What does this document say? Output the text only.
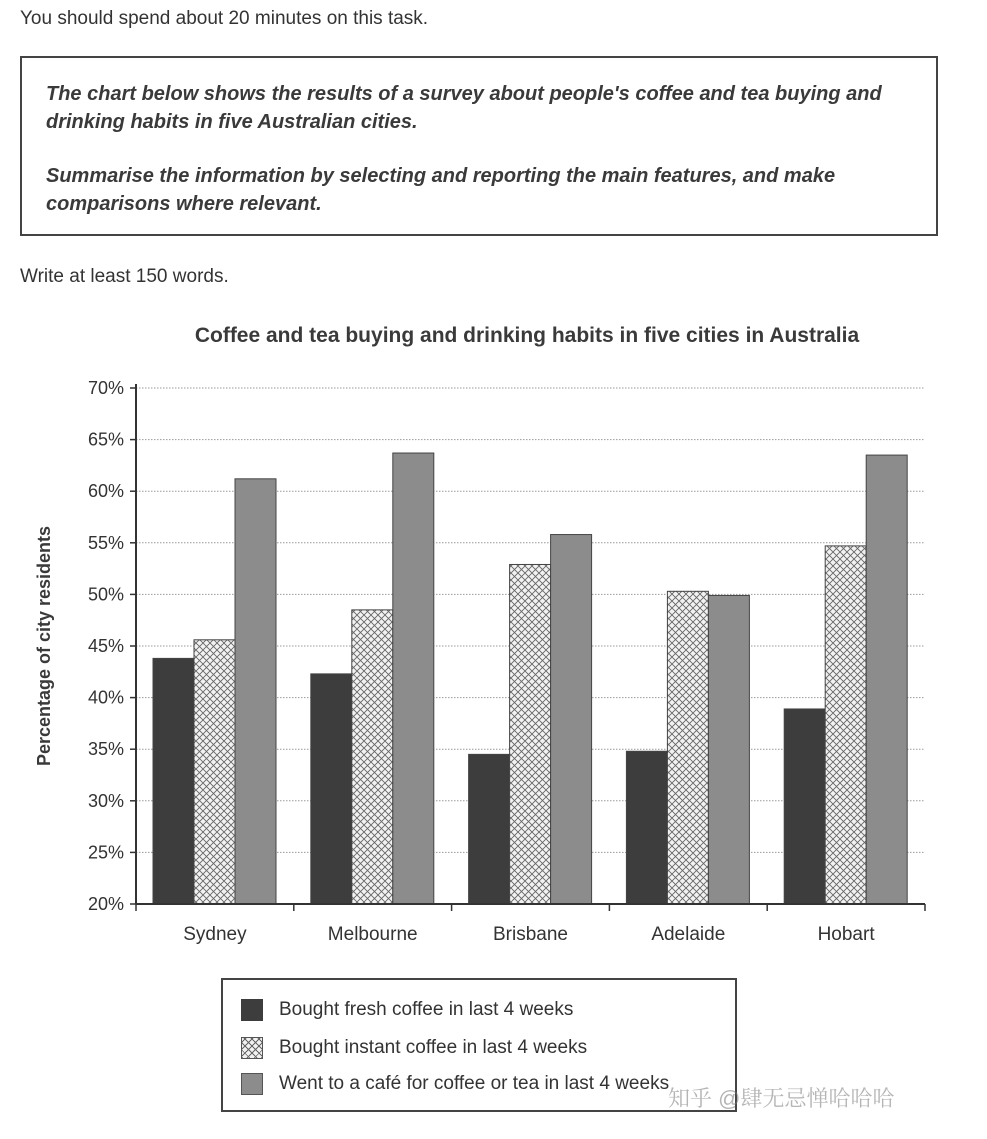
You should spend about 20 minutes on this task.

The chart below shows the results of a survey about people's coffee and tea buying and drinking habits in five Australian cities.

Summarise the information by selecting and reporting the main features, and make comparisons where relevant.

Write at least 150 words.
Coffee and tea buying and drinking habits in five cities in Australia
Percentage of city residents
20%
25%
30%
35%
40%
45%
50%
55%
60%
65%
70%
Sydney	Melbourne	Brisbane	Adelaide	Hobart
Bought fresh coffee in last 4 weeks
Bought instant coffee in last 4 weeks
Went to a café for coffee or tea in last 4 weeks
知乎 @肆无忌惮哈哈哈
